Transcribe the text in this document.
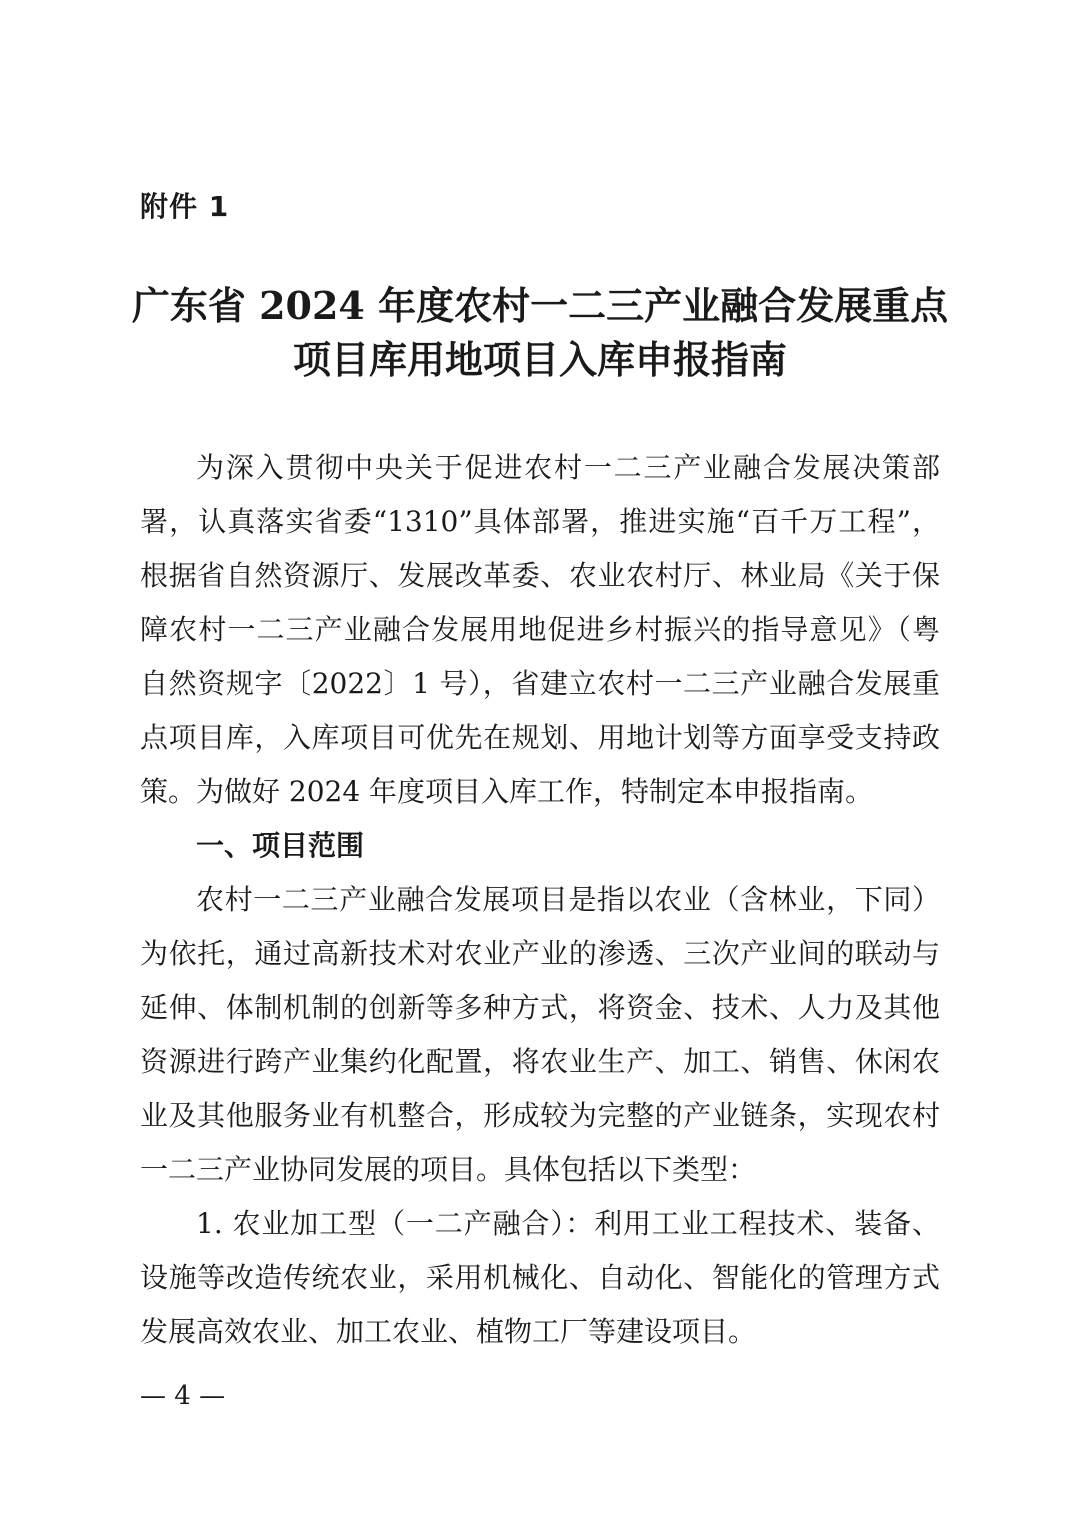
附件 1
广东省 2024 年度农村一二三产业融合发展重点
项目库用地项目入库申报指南
为深入贯彻中央关于促进农村一二三产业融合发展决策部
署，认真落实省委“1310”具体部署，推进实施“百千万工程”，
根据省自然资源厅、发展改革委、农业农村厅、林业局《关于保
障农村一二三产业融合发展用地促进乡村振兴的指导意见》（粤
自然资规字〔2022〕1 号），省建立农村一二三产业融合发展重
点项目库，入库项目可优先在规划、用地计划等方面享受支持政
策。为做好 2024 年度项目入库工作，特制定本申报指南。
一、项目范围
农村一二三产业融合发展项目是指以农业（含林业，下同）
为依托，通过高新技术对农业产业的渗透、三次产业间的联动与
延伸、体制机制的创新等多种方式，将资金、技术、人力及其他
资源进行跨产业集约化配置，将农业生产、加工、销售、休闲农
业及其他服务业有机整合，形成较为完整的产业链条，实现农村
一二三产业协同发展的项目。具体包括以下类型：
1. 农业加工型（一二产融合）：利用工业工程技术、装备、
设施等改造传统农业，采用机械化、自动化、智能化的管理方式
发展高效农业、加工农业、植物工厂等建设项目。
— 4 —
